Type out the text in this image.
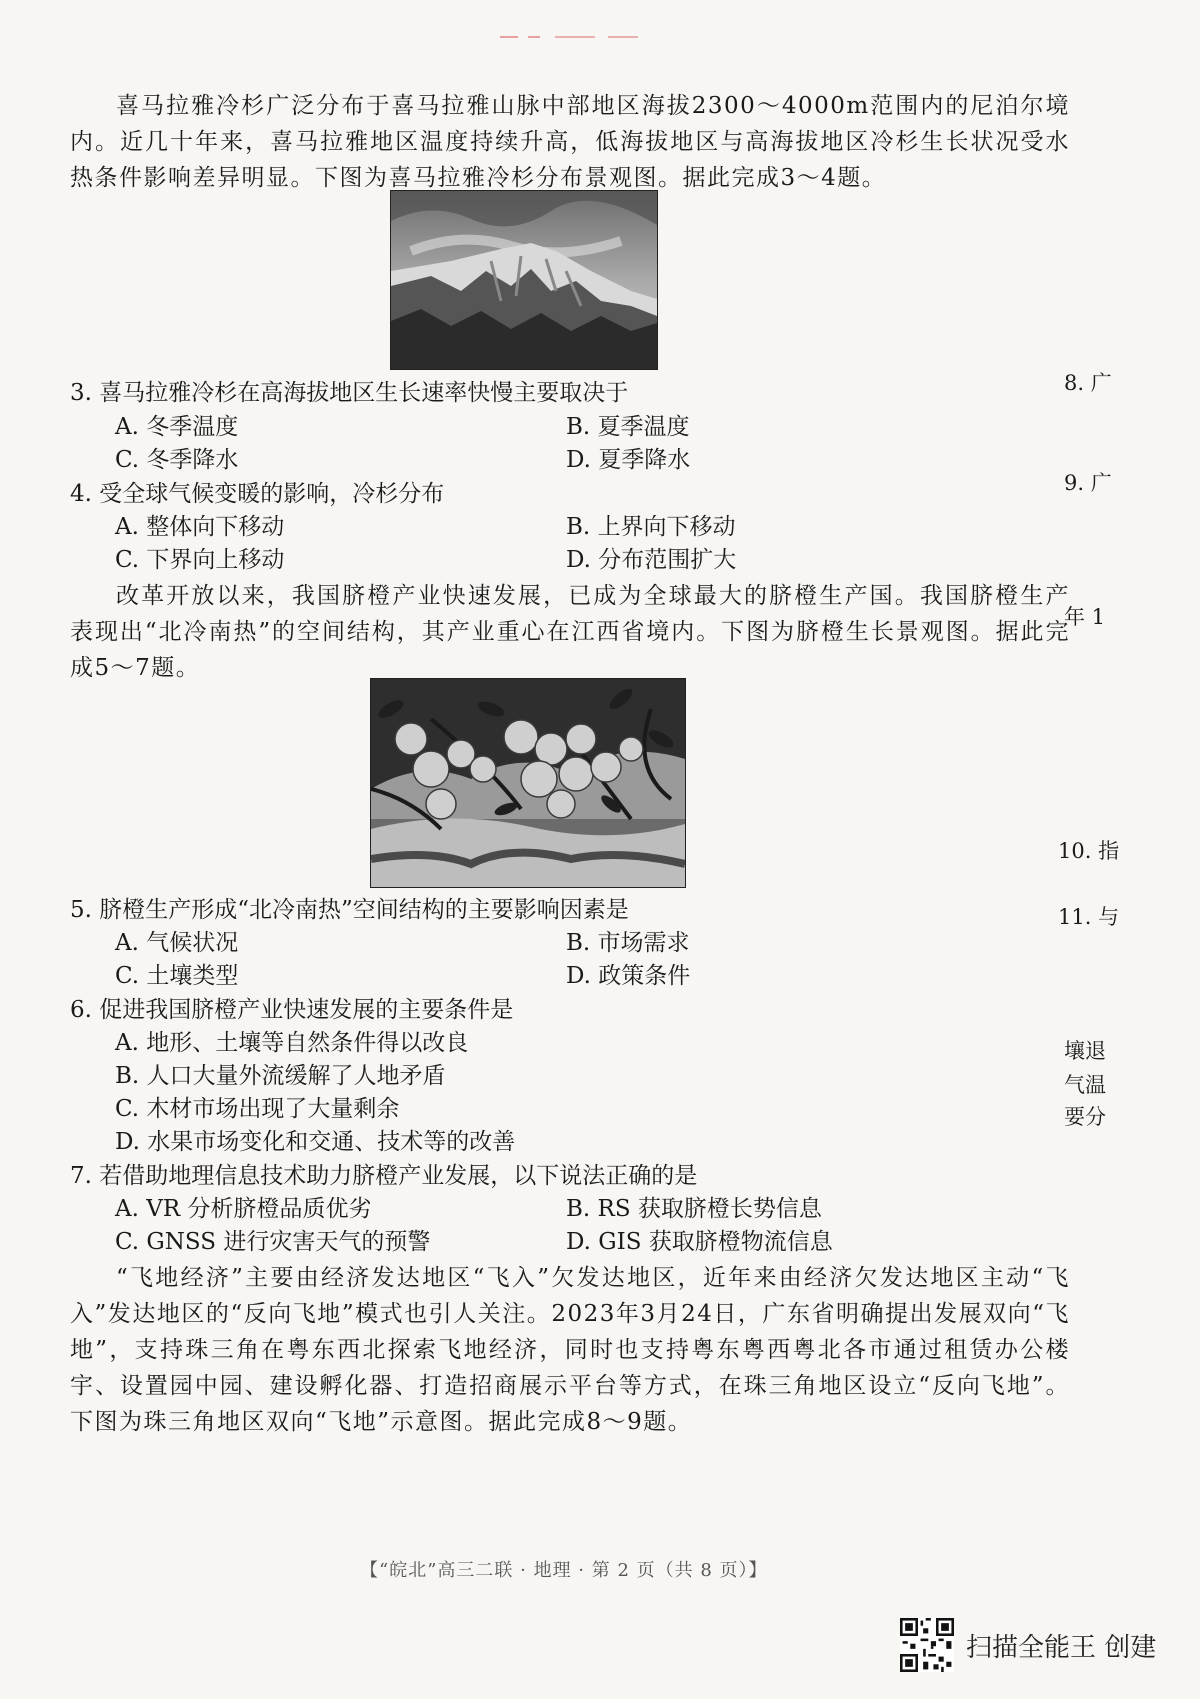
喜马拉雅冷杉广泛分布于喜马拉雅山脉中部地区海拔2300～4000m范围内的尼泊尔境内。近几十年来，喜马拉雅地区温度持续升高，低海拔地区与高海拔地区冷杉生长状况受水热条件影响差异明显。下图为喜马拉雅冷杉分布景观图。据此完成3～4题。
3. 喜马拉雅冷杉在高海拔地区生长速率快慢主要取决于
A. 冬季温度	B. 夏季温度
C. 冬季降水	D. 夏季降水
4. 受全球气候变暖的影响，冷杉分布
A. 整体向下移动	B. 上界向下移动
C. 下界向上移动	D. 分布范围扩大
改革开放以来，我国脐橙产业快速发展，已成为全球最大的脐橙生产国。我国脐橙生产表现出“北冷南热”的空间结构，其产业重心在江西省境内。下图为脐橙生长景观图。据此完成5～7题。
5. 脐橙生产形成“北冷南热”空间结构的主要影响因素是
A. 气候状况	B. 市场需求
C. 土壤类型	D. 政策条件
6. 促进我国脐橙产业快速发展的主要条件是
A. 地形、土壤等自然条件得以改良
B. 人口大量外流缓解了人地矛盾
C. 木材市场出现了大量剩余
D. 水果市场变化和交通、技术等的改善
7. 若借助地理信息技术助力脐橙产业发展，以下说法正确的是
A. VR 分析脐橙品质优劣	B. RS 获取脐橙长势信息
C. GNSS 进行灾害天气的预警	D. GIS 获取脐橙物流信息
“飞地经济”主要由经济发达地区“飞入”欠发达地区，近年来由经济欠发达地区主动“飞入”发达地区的“反向飞地”模式也引人关注。2023年3月24日，广东省明确提出发展双向“飞地”，支持珠三角在粤东西北探索飞地经济，同时也支持粤东粤西粤北各市通过租赁办公楼宇、设置园中园、建设孵化器、打造招商展示平台等方式，在珠三角地区设立“反向飞地”。下图为珠三角地区双向“飞地”示意图。据此完成8～9题。
【“皖北”高三二联 · 地理 · 第 2 页（共 8 页）】
8. 广
9. 广
年 1
10. 指
11. 与
壤退
气温
要分
扫描全能王 创建
